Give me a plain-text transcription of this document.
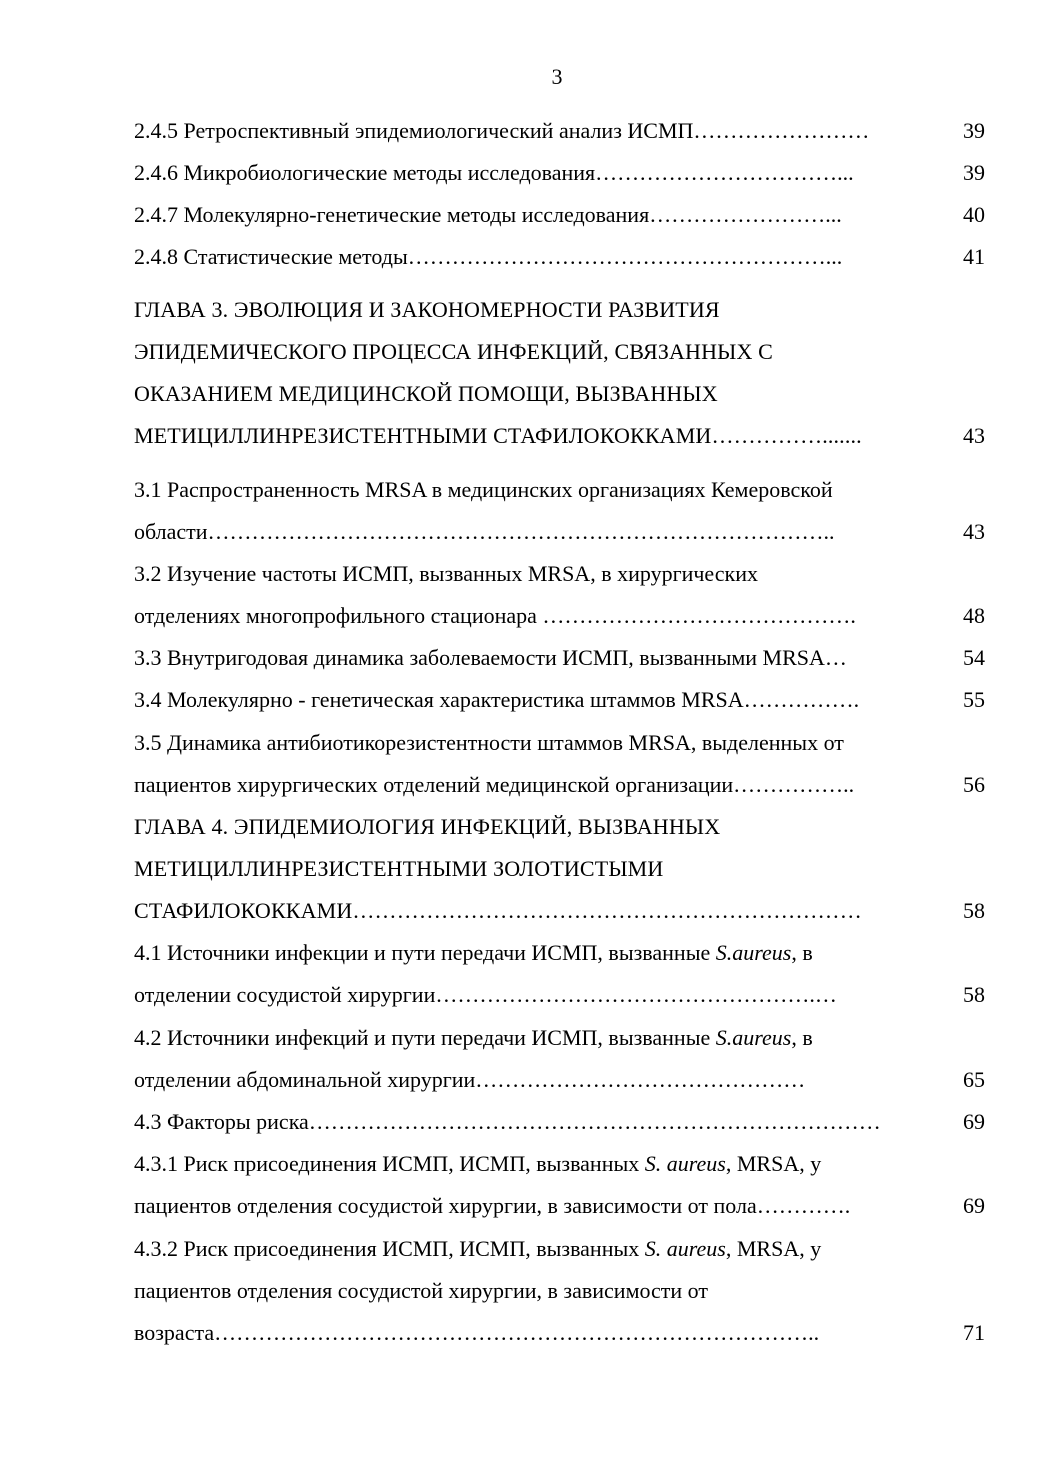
3
2.4.5 Ретроспективный эпидемиологический анализ ИСМП……………………	39
2.4.6 Микробиологические методы исследования……………………………...	39
2.4.7 Молекулярно-генетические методы исследования……………………...	40
2.4.8 Статистические методы…………………………………………………...	41
ГЛАВА 3. ЭВОЛЮЦИЯ И ЗАКОНОМЕРНОСТИ РАЗВИТИЯ
ЭПИДЕМИЧЕСКОГО ПРОЦЕССА ИНФЕКЦИЙ, СВЯЗАННЫХ С
ОКАЗАНИЕМ МЕДИЦИНСКОЙ ПОМОЩИ, ВЫЗВАННЫХ
МЕТИЦИЛЛИНРЕЗИСТЕНТНЫМИ СТАФИЛОКОККАМИ…………….......	43
3.1 Распространенность MRSA в медицинских организациях Кемеровской
области…………………………………………………………………………..	43
3.2 Изучение частоты ИСМП, вызванных MRSA, в хирургических
отделениях многопрофильного стационара …………………………………….	48
3.3 Внутригодовая динамика заболеваемости ИСМП, вызванными MRSA…	54
3.4 Молекулярно - генетическая характеристика штаммов MRSA…………….	55
3.5 Динамика антибиотикорезистентности штаммов MRSA, выделенных от
пациентов хирургических отделений медицинской организации……………..	56
ГЛАВА 4. ЭПИДЕМИОЛОГИЯ ИНФЕКЦИЙ, ВЫЗВАННЫХ
МЕТИЦИЛЛИНРЕЗИСТЕНТНЫМИ ЗОЛОТИСТЫМИ
СТАФИЛОКОККАМИ……………………………………………………………	58
4.1 Источники инфекции и пути передачи ИСМП, вызванные S.aureus, в
отделении сосудистой хирургии…………………………………………….…	58
4.2 Источники инфекций и пути передачи ИСМП, вызванные S.aureus, в
отделении абдоминальной хирургии………………………………………	65
4.3 Факторы риска……………………………………………………………………	69
4.3.1 Риск присоединения ИСМП, ИСМП, вызванных S. aureus, MRSA, у
пациентов отделения сосудистой хирургии, в зависимости от пола………….	69
4.3.2 Риск присоединения ИСМП, ИСМП, вызванных S. aureus, MRSA, у
пациентов отделения сосудистой хирургии, в зависимости от
возраста………………………………………………………………………..	71
